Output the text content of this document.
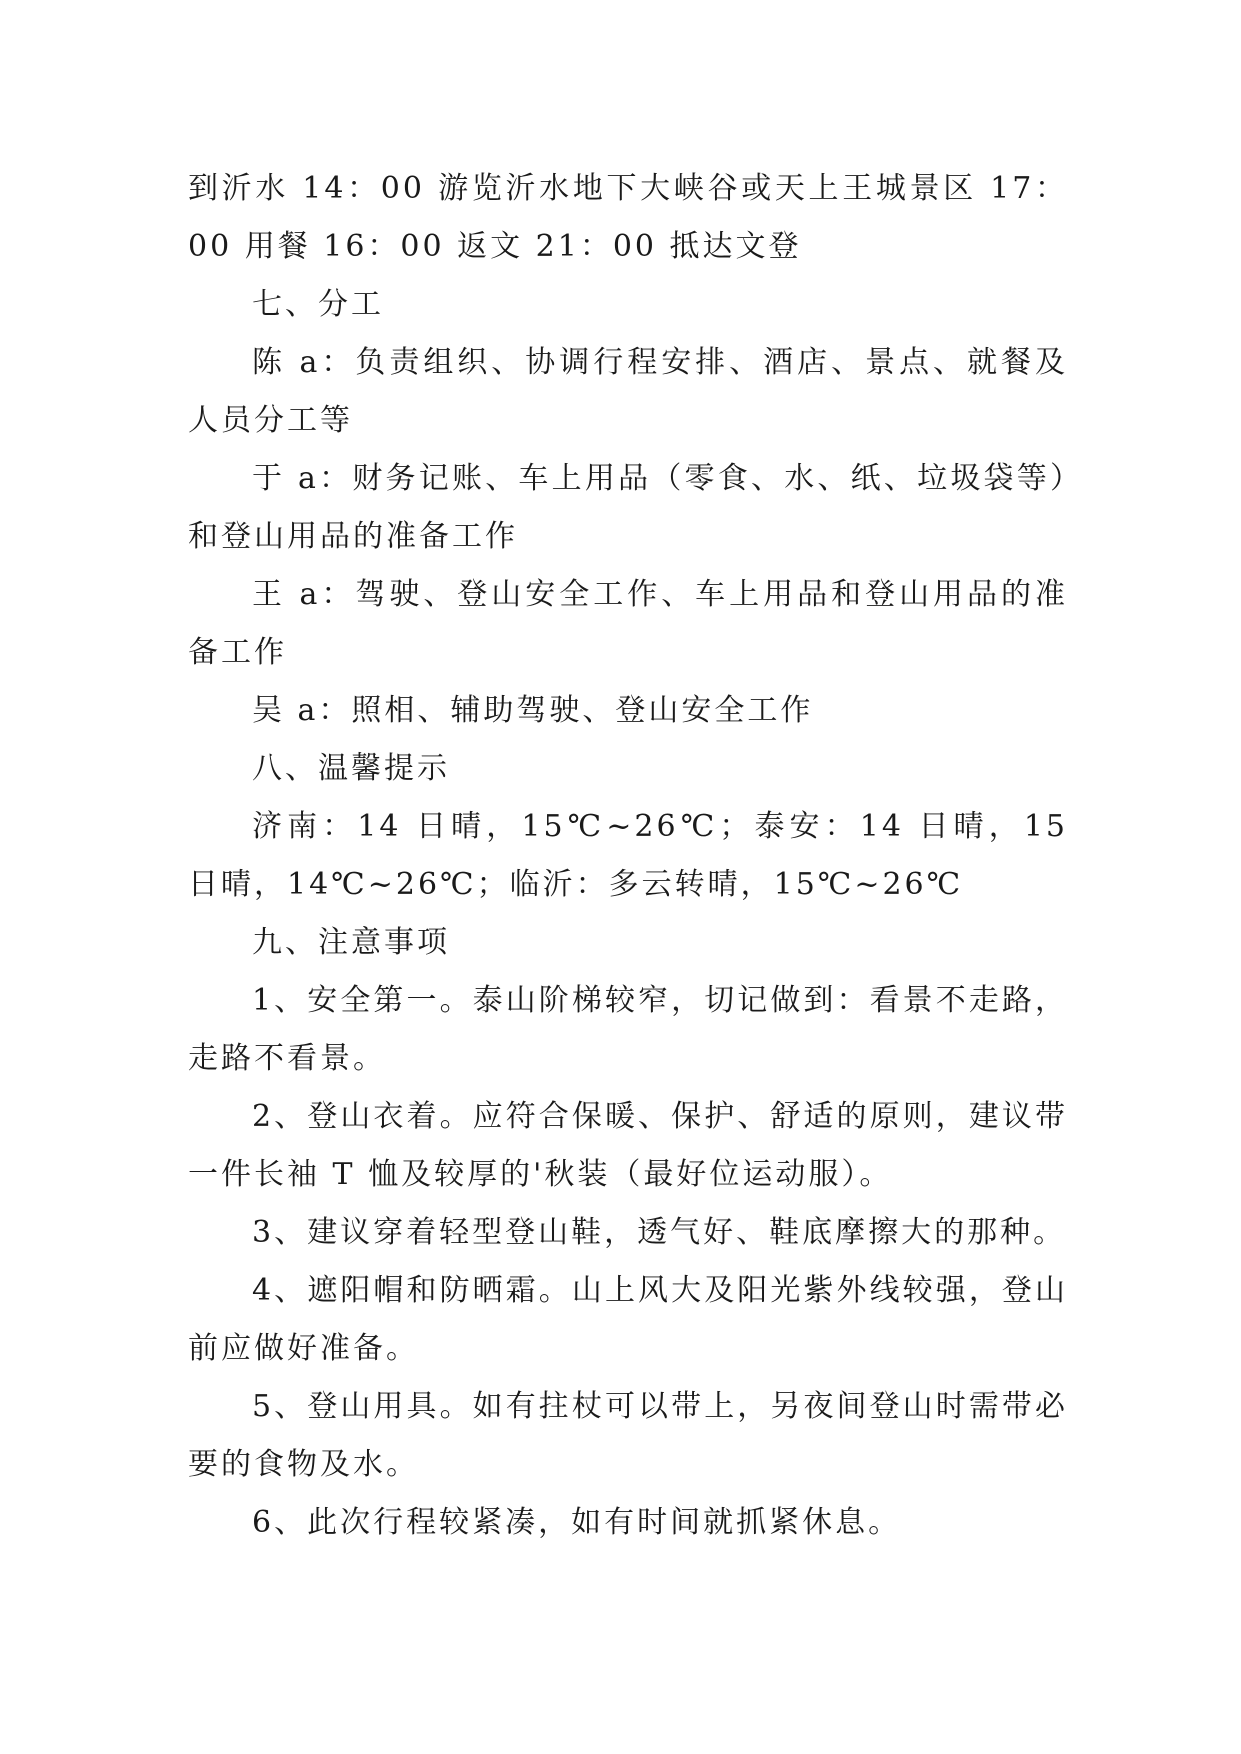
到沂水 14：00 游览沂水地下大峡谷或天上王城景区 17：00 用餐 16：00 返文 21：00 抵达文登

七、分工

陈 a：负责组织、协调行程安排、酒店、景点、就餐及人员分工等

于 a：财务记账、车上用品（零食、水、纸、垃圾袋等）和登山用品的准备工作

王 a：驾驶、登山安全工作、车上用品和登山用品的准备工作

吴 a：照相、辅助驾驶、登山安全工作

八、温馨提示

济南：14 日晴，15℃~26℃；泰安：14 日晴，15 日晴，14℃~26℃；临沂：多云转晴，15℃~26℃

九、注意事项

1、安全第一。泰山阶梯较窄，切记做到：看景不走路，走路不看景。

2、登山衣着。应符合保暖、保护、舒适的原则，建议带一件长袖 T 恤及较厚的'秋装（最好位运动服）。

3、建议穿着轻型登山鞋，透气好、鞋底摩擦大的那种。

4、遮阳帽和防晒霜。山上风大及阳光紫外线较强，登山前应做好准备。

5、登山用具。如有拄杖可以带上，另夜间登山时需带必要的食物及水。

6、此次行程较紧凑，如有时间就抓紧休息。
